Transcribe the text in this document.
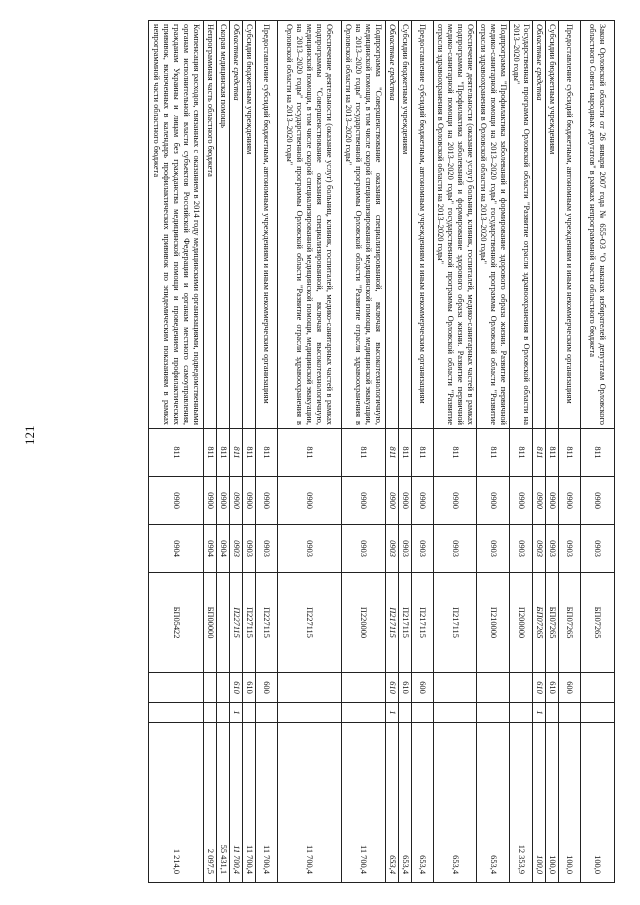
121
Закон Орловской области от 26 января 2007 года № 655-ОЗ "О наказах избирателей депутатам Орловского областного Совета народных депутатов" в рамках непрограммной части областного бюджета	811	0900	0903	БП07265			100,0
Предоставление субсидий бюджетным, автономным учреждениям и иным некоммерческим организациям	811	0900	0903	БП07265	600		100,0
Субсидии бюджетным учреждениям	811	0900	0903	БП07265	610		100,0
Областные средства	811	0900	0903	БП07265	610	1	100,0
Государственная программа Орловской области "Развитие отрасли здравоохранения в Орловской области на 2013–2020 годы"	811	0900	0903	П200000			12 353,9
Подпрограмма "Профилактика заболеваний и формирование здорового образа жизни. Развитие первичной медико-санитарной помощи на 2013–2020 годы" государственной программы Орловской области "Развитие отрасли здравоохранения в Орловской области на 2013–2020 годы"	811	0900	0903	П210000			653,4
Обеспечение деятельности (оказание услуг) больниц, клиник, госпиталей, медико-санитарных частей в рамках подпрограммы "Профилактика заболеваний и формирование здорового образа жизни. Развитие первичной медико-санитарной помощи на 2013–2020 годы" государственной программы Орловской области "Развитие отрасли здравоохранения в Орловской области на 2013–2020 годы"	811	0900	0903	П217115			653,4
Предоставление субсидий бюджетным, автономным учреждениям и иным некоммерческим организациям	811	0900	0903	П217115	600		653,4
Субсидии бюджетным учреждениям	811	0900	0903	П217115	610		653,4
Областные средства	811	0900	0903	П217115	610	1	653,4
Подпрограмма "Совершенствование оказания специализированной, включая высокотехнологичную, медицинской помощи, в том числе скорой специализированной медицинской помощи, медицинской эвакуации, на 2013–2020 годы" государственной программы Орловской области "Развитие отрасли здравоохранения в Орловской области на 2013–2020 годы"	811	0900	0903	П220000			11 700,4
Обеспечение деятельности (оказание услуг) больниц, клиник, госпиталей, медико-санитарных частей в рамках подпрограммы "Совершенствование оказания специализированной, включая высокотехнологичную, медицинской помощи, в том числе скорой специализированной медицинской помощи, медицинской эвакуации, на 2013–2020 годы" государственной программы Орловской области "Развитие отрасли здравоохранения в Орловской области на 2013–2020 годы"	811	0900	0903	П227115			11 700,4
Предоставление субсидий бюджетным, автономным учреждениям и иным некоммерческим организациям	811	0900	0903	П227115	600		11 700,4
Субсидии бюджетным учреждениям	811	0900	0903	П227115	610		11 700,4
Областные средства	811	0900	0903	П227115	610	1	11 700,4
Скорая медицинская помощь	811	0900	0904				55 431,1
Непрограммная часть областного бюджета	811	0900	0904	БП00000			2 097,5
Компенсация расходов, связанных с оказанием в 2014 году медицинскими организациями, подведомственными органам исполнительной власти субъектов Российской Федерации и органам местного самоуправления, гражданам Украины и лицам без гражданства медицинской помощи и проведением профилактических прививок, включенных в календарь профилактических прививок по эпидемическим показаниям в рамках непрограммной части областного бюджета	811	0900	0904	БП05422			1 214,0
